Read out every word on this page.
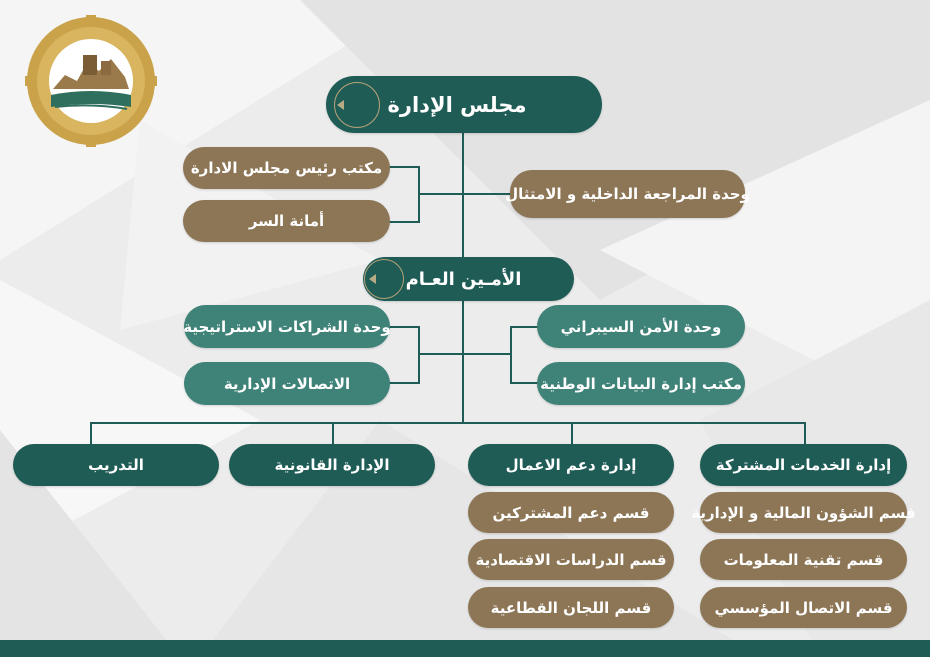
مجلس الإدارة
مكتب رئيس مجلس الادارة
أمانة السر
وحدة المراجعة الداخلية و الامتثال
الأمـين العـام
وحدة الشراكات الاستراتيجية
الاتصالات الإدارية
وحدة الأمن السيبراني
مكتب إدارة البيانات الوطنية
التدريب	الإدارة القانونية	إدارة دعم الاعمال	إدارة الخدمات المشتركة
قسم دعم المشتركين
قسم الدراسات الاقتصادية
قسم اللجان القطاعية
قسم الشؤون المالية و الإدارية
قسم تقنية المعلومات
قسم الاتصال المؤسسي
